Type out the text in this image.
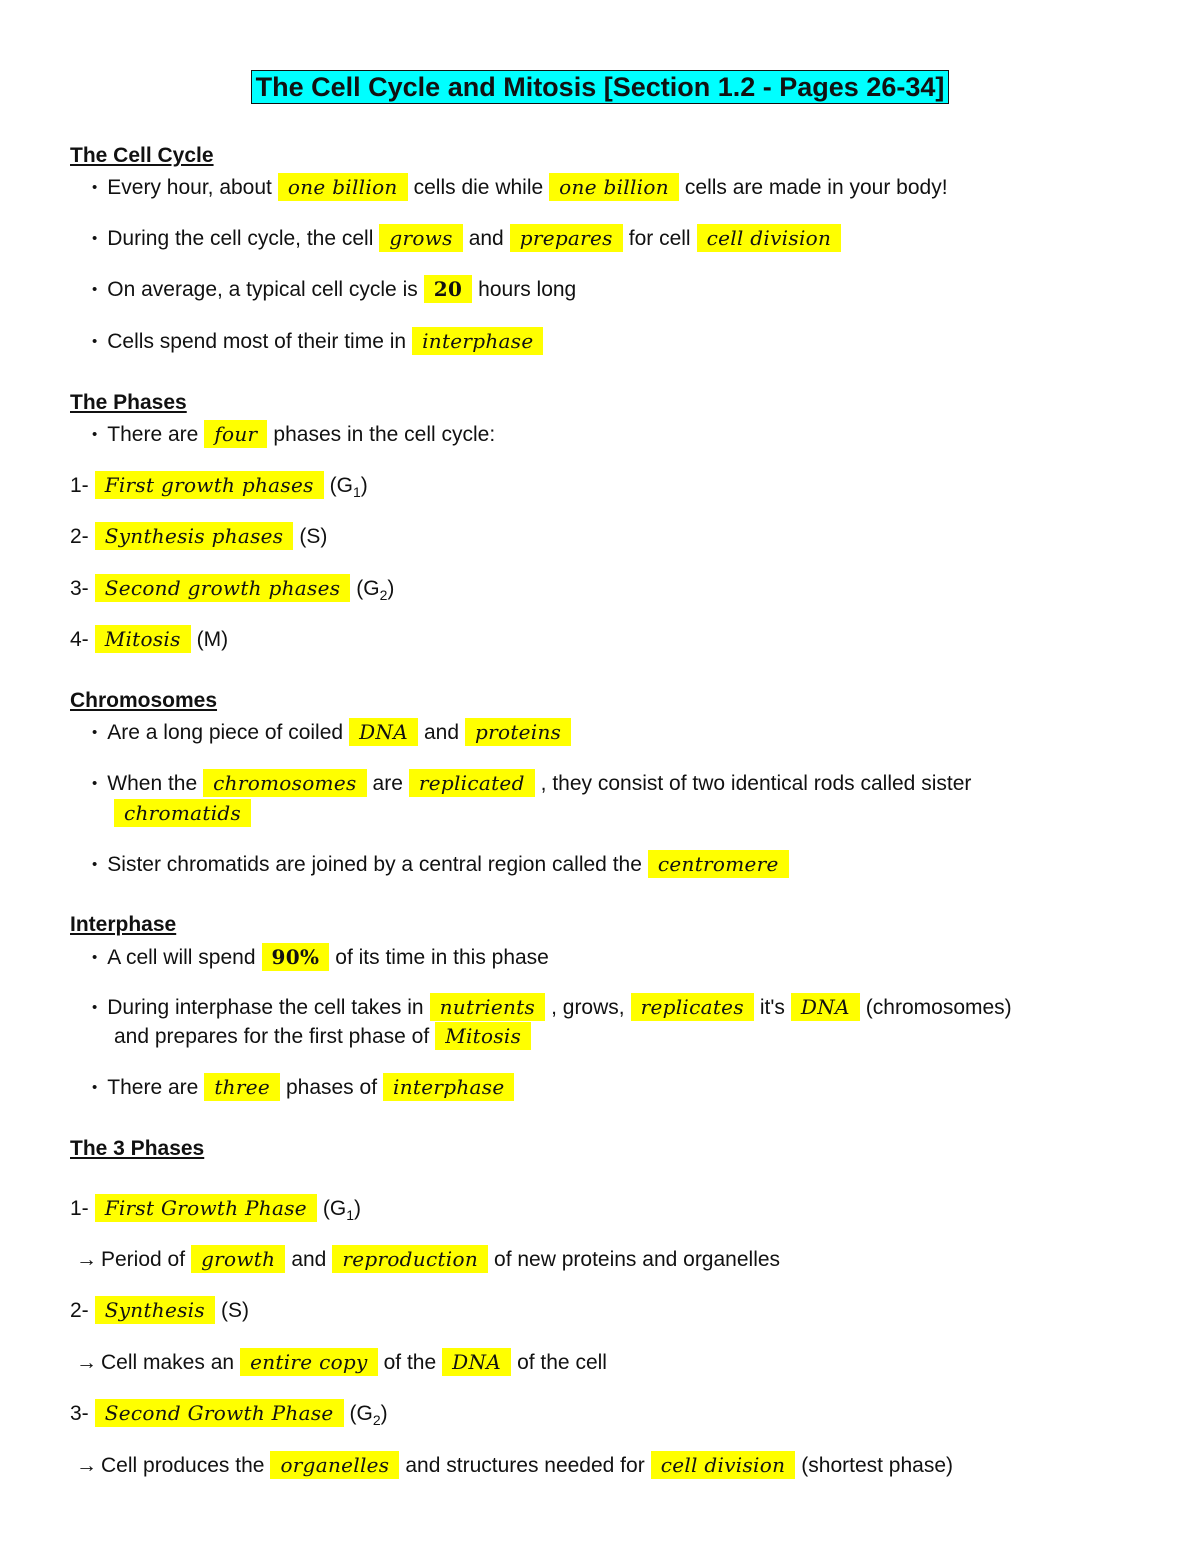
The Cell Cycle and Mitosis [Section 1.2 - Pages 26-34]
The Cell Cycle
• Every hour, about one billion cells die while one billion cells are made in your body!
• During the cell cycle, the cell grows and prepares for cell cell division
• On average, a typical cell cycle is 20 hours long
• Cells spend most of their time in interphase
The Phases
• There are four phases in the cell cycle:
1- First growth phases $(G_1)$
2- Synthesis phases (S)
3- Second growth phases $(G_2)$
4- Mitosis (M)
Chromosomes
• Are a long piece of coiled DNA and proteins
• When the chromosomes are replicated , they consist of two identical rods called sister
chromatids
• Sister chromatids are joined by a central region called the centromere
Interphase
• A cell will spend 90% of its time in this phase
• During interphase the cell takes in nutrients , grows, replicates it's DNA (chromosomes)
and prepares for the first phase of Mitosis
• There are three phases of interphase
The 3 Phases
1- First Growth Phase $(G_1)$
→ Period of growth and reproduction of new proteins and organelles
2- Synthesis (S)
→ Cell makes an entire copy of the DNA of the cell
3- Second Growth Phase $(G_2)$
→ Cell produces the organelles and structures needed for cell division (shortest phase)
